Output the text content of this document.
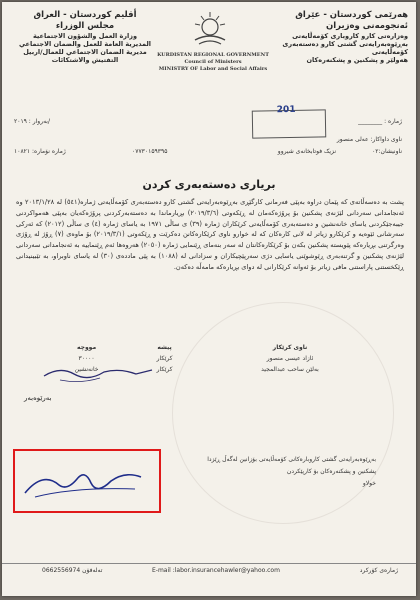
هەرێمی کوردستان - عێراق
ئەنجومەنی وەزیران
وەزارەتی کارو کاروباری کۆمەڵایەتی
بەڕێوەبەرایەتی گشتی کارو دەستەبەری کۆمەڵایەتی
هەولێر و پشکنین و پشکنەرەکان
أقليم كوردستان - العراق
مجلس الوزراء
وزارة العمل والشؤون الاجتماعية
المديرية العامة للعمل والضمان الاجتماعي
مديرية الضمان الاجتماعي للعمال/اربيل
التفتيش والاشتكائات
KURDISTAN REGIONAL GOVERNMENT
Council of Ministers
MINISTRY OF Labor and Social Affairs
ژمارە : ________
بەروار : ۲۰۱۹/
201
ناوی داواکار: عەلی منصور
ناونیشان:۰۲
نزیک فوتابخانەی شیروو
۰۷۷۳۰۱۵۹۳۹۵
ژمارە نۆمارە: ۱۰۸۲۱
برياری دەستەبەری کردن
پشت بە دەسەڵاتەی کە پێمان دراوە بەپێی فەرمانی کارگێڕی بەڕێوەبەرایەتی گشتی کارو دەستەبەری کۆمەڵایەتی ژمارە(٥٤١) لە ٢٠١٣/١/٢٨ وە ئەنجامدانی سەردانی لێژنەی پشکنین بۆ پرۆژەکەمان لە ڕێکەوتی (٢٠١٩/٣/٦) بڕیارماندا بە دەستەبەرکردنی پرۆژەکەیان بەپێی هەمواکردنی جیبەجێکردنی یاسای خانەنشین و دەستەبەری کۆمەڵایەتی کرێکاران ژمارە (٣٩) ی ساڵی ١٩٧١ بە یاسای ژمارە (٤) ی ساڵی (٢٠١٢) کە ئەرکی سەرشانی ئێوەیە و کرێکارو زیاتر لە لانی کارەکان کە لە خوارو ناوی کرێکارەکانن دەکرێت و ڕێکەوتی (٢٠١٩/٣/١) بۆ ماوەی (٧) ڕۆژ لە ڕۆژی وەرگرتنی بڕیارەکە پێویستە پشکنین بکەن بۆ کرێکارەکانتان لە سەر بنەمای ڕێنمایی ژمارە (٢٠٥٠) هەروەها ئەم ڕێنماییە بە ئەنجامدانی سەردانی لێژنەی پشکنین و گرتنەبەری ڕێوشوێنی یاسایی دژی سەرپێچیکاران و سزادانی لە (١٠٨٨) بە پێی ماددەی (٣٠) لە یاسای ناوبراو، بە تێبینیدانی ڕێکخستنی پاراستنی مافی زیاتر بۆ ئەوانە کرێکارانی لە دوای بڕیارەکە مامەڵە دەکەن.
ناوی کرێکار	پیشە	مووچە
ئازاد عیسی منصور	کرێکار	۳۰۰۰۰
بەلێن ساحب عبدالمجید	کرێکار	خانەنشین
بەرێوەبەر
بەڕێوەبەرایەتی گشتی کاروبارەکانی کۆمەڵایەتی بۆزانین لەگەڵ ڕێزدا
پشکنین و پشکنەرەکان بۆ کارپێکردن
خولاو
0662556974 تەلەفۆن	E-mail :labor.insurancehawler@yahoo.com	ژمارەی کۆرکرد
